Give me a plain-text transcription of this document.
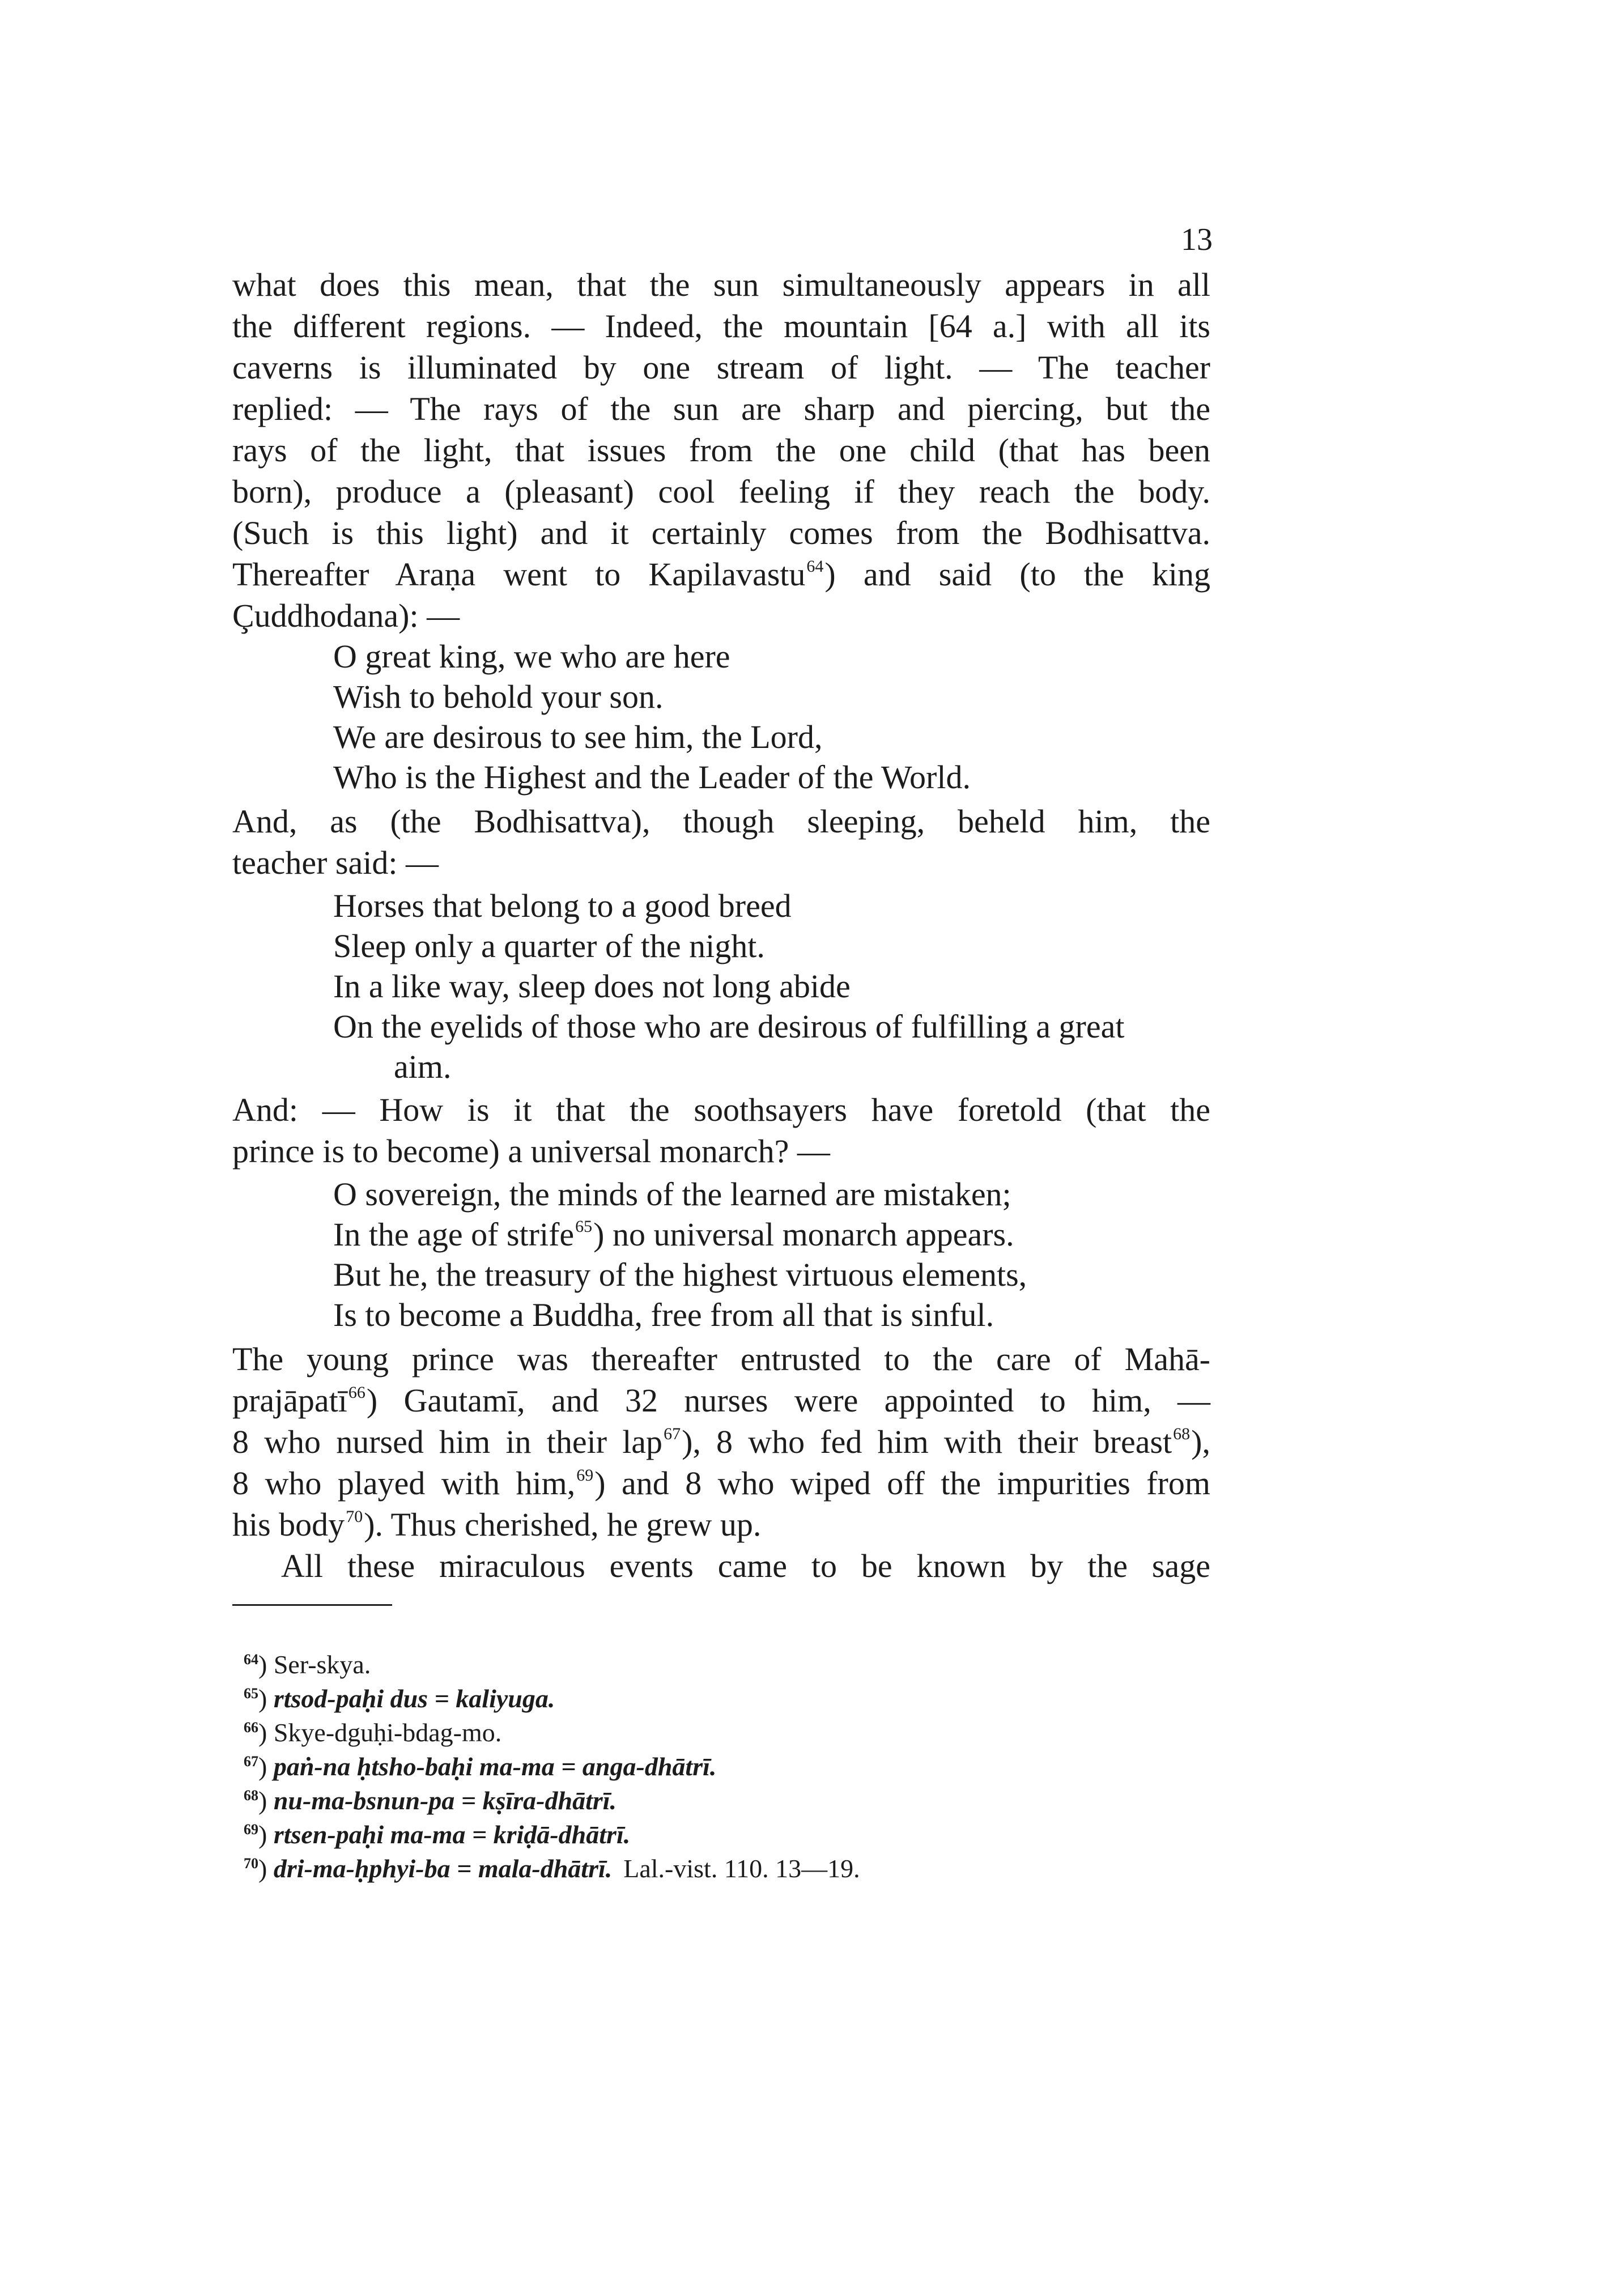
13
what does this mean, that the sun simultaneously appears in all
the different regions. — Indeed, the mountain [64 a.] with all its
caverns is illuminated by one stream of light. — The teacher
replied: — The rays of the sun are sharp and piercing, but the
rays of the light, that issues from the one child (that has been
born), produce a (pleasant) cool feeling if they reach the body.
(Such is this light) and it certainly comes from the Bodhisattva.
Thereafter Araṇa went to Kapilavastu$^{64}$) and said (to the king
Çuddhodana): —
O great king, we who are here
Wish to behold your son.
We are desirous to see him, the Lord,
Who is the Highest and the Leader of the World.
And, as (the Bodhisattva), though sleeping, beheld him, the
teacher said: —
Horses that belong to a good breed
Sleep only a quarter of the night.
In a like way, sleep does not long abide
On the eyelids of those who are desirous of fulfilling a great
aim.
And: — How is it that the soothsayers have foretold (that the
prince is to become) a universal monarch? —
O sovereign, the minds of the learned are mistaken;
In the age of strife$^{65}$) no universal monarch appears.
But he, the treasury of the highest virtuous elements,
Is to become a Buddha, free from all that is sinful.
The young prince was thereafter entrusted to the care of Mahā-
prajāpatī$^{66}$) Gautamī, and 32 nurses were appointed to him, —
8 who nursed him in their lap$^{67}$), 8 who fed him with their breast$^{68}$),
8 who played with him,$^{69}$) and 8 who wiped off the impurities from
his body$^{70}$). Thus cherished, he grew up.
All these miraculous events came to be known by the sage
$^{64}$) Ser-skya.
$^{65}$) rtsod-paḥi dus = kaliyuga.
$^{66}$) Skye-dguḥi-bdag-mo.
$^{67}$) paṅ-na ḥtsho-baḥi ma-ma = anga-dhātrī.
$^{68}$) nu-ma-bsnun-pa = kṣīra-dhātrī.
$^{69}$) rtsen-paḥi ma-ma = kriḍā-dhātrī.
$^{70}$) dri-ma-ḥphyi-ba = mala-dhātrī. Lal.-vist. 110. 13—19.
